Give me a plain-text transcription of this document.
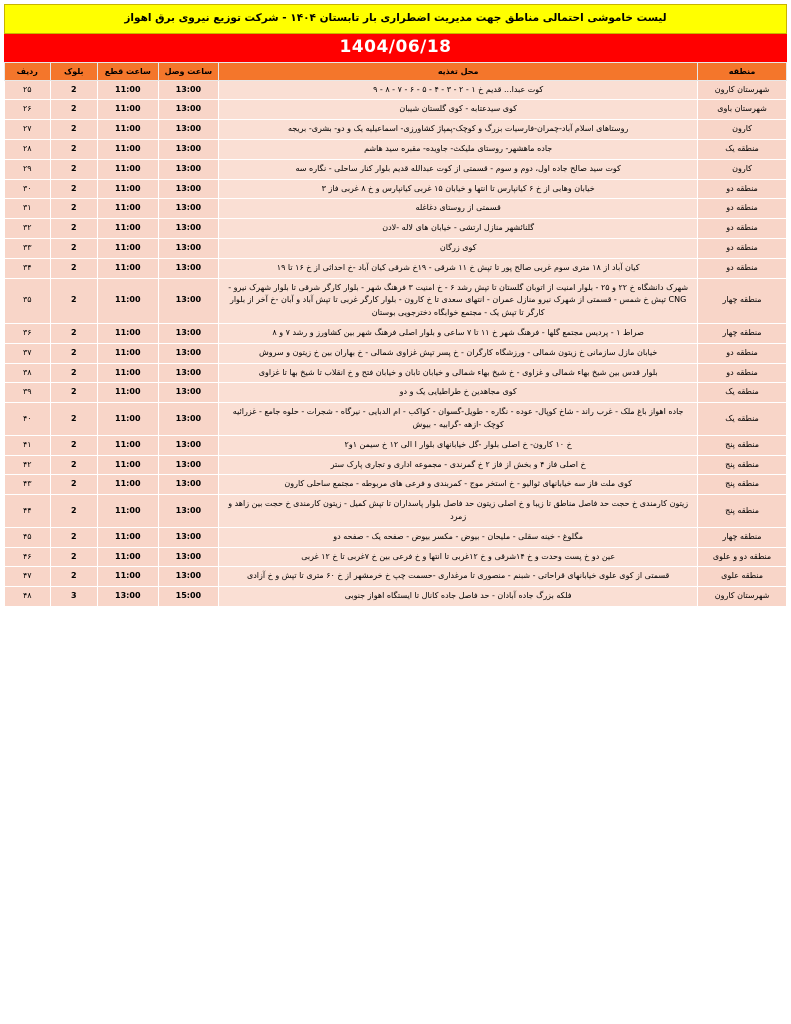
لیست خاموشی احتمالی مناطق جهت مدیریت اضطراری بار تابستان ۱۴۰۴ - شرکت توزیع نیروی برق اهواز
1404/06/18
منطقه	محل تغذیه	ساعت وصل	ساعت قطع	بلوک	ردیف
شهرستان کارون	کوت عبدا... قدیم خ ۱ - ۲ - ۳ - ۴ - ۵ - ۶ - ۷ - ۸ - ۹	13:00	11:00	2	۲۵
شهرستان باوی	کوی سیدعتابه - کوی گلستان شیبان	13:00	11:00	2	۲۶
کارون	روستاهای اسلام آباد-چمران-فارسیات بزرگ و کوچک-پمپاژ کشاورزی- اسماعیلیه یک و دو- بشری- بریجه	13:00	11:00	2	۲۷
منطقه یک	جاده ماهشهر- روستای ملیکث- جاویده- مقبره سید هاشم	13:00	11:00	2	۲۸
کارون	کوت سید صالح جاده اول، دوم و سوم - قسمتی از کوت عبدالله قدیم بلوار کنار ساحلی - نگاره سه	13:00	11:00	2	۲۹
منطقه دو	خیابان وهابی از خ ۶ کیانپارس تا انتها و خیابان ۱۵ غربی کیانپارس و خ ۸ غربی فاز ۳	13:00	11:00	2	۳۰
منطقه دو	قسمتی از روستای دغاغله	13:00	11:00	2	۳۱
منطقه دو	گلنائشهر منازل ارتشی - خیابان های لاله -لادن	13:00	11:00	2	۳۲
منطقه دو	کوی زرگان	13:00	11:00	2	۳۳
منطقه دو	کیان آباد از ۱۸ متری سوم غربی صالح پور تا تپش خ ۱۱ شرقی - ۱۹خ شرقی کیان آباد -خ احداثی از خ ۱۶ تا ۱۹	13:00	11:00	2	۳۴
منطقه چهار	شهرک دانشگاه خ ۲۲ و ۲۵ - بلوار امنیت از اتوبان گلستان تا تپش رشد ۶ - خ امنیت ۳ فرهنگ شهر - بلوار کارگر شرقی تا بلوار شهرک نیرو - CNG تپش خ شمس - قسمتی از شهرک نیرو منازل عمران - انتهای سعدی تا خ کارون - بلوار کارگر غربی تا تپش آباد و آبان -خ آخر از بلوار کارگر تا تپش یک - مجتمع خوابگاه دخترجویی بوستان	13:00	11:00	2	۳۵
منطقه چهار	صراط ۱ - پردیس مجتمع گلها - فرهنگ شهر خ ۱۱ تا ۷ ساعی و بلوار اصلی فرهنگ شهر بین کشاورز و رشد ۷ و ۸	13:00	11:00	2	۳۶
منطقه دو	خیابان مازل سازمانی خ زیتون شمالی - ورزشگاه کارگران - خ پسر تپش غزاوی شمالی - خ بهاران بین خ زیتون و سروش	13:00	11:00	2	۳۷
منطقه دو	بلوار قدس بین شیخ بهاء شمالی و غزاوی - خ شیخ بهاء شمالی و خیابان تابان و خیابان فتح و خ انقلاب تا شیخ بها تا غزاوی	13:00	11:00	2	۳۸
منطقه یک	کوی مجاهدین خ طراطیایی یک و دو	13:00	11:00	2	۳۹
منطقه یک	جاده اهواز باغ ملک - غرب راند - شاخ کوپال- عوده - نگاره - طویل-گسوان - کواکب - ام الدبایی - نیرگاه - شجرات - حلوه جامع - غزرائیه کوچک -ازهه -گرابیه - بیوش	13:00	11:00	2	۴۰
منطقه پنج	خ ۱۰ کارون- خ اصلی بلوار -گل خیابانهای بلوار ا الی ۱۲ خ سیمن ۱و۲	13:00	11:00	2	۴۱
منطقه پنج	خ اصلی فاز ۴ و بخش از فاز ۲ خ گمرندی - مجموعه اداری و تجاری پارک ستر	13:00	11:00	2	۴۲
منطقه پنج	کوی ملت فاز سه خیابانهای ثوالیو - خ استخر موج - کمربندی و فرعی های مربوطه - مجتمع ساحلی کارون	13:00	11:00	2	۴۳
منطقه پنج	زیتون کارمندی خ حجت حد فاصل مناطق تا زیبا و خ اصلی زیتون حد فاصل بلوار پاسداران تا تپش کمیل - زیتون کارمندی خ حجت بین زاهد و زمرد	13:00	11:00	2	۴۴
منطقه چهار	مگلوغ - خینه سقلی - ملیحان - بیوض - مکسر بیوض - صفحه یک - صفحه دو	13:00	11:00	2	۴۵
منطقه دو و علوی	عین دو خ پست وحدت و خ ۱۴شرقی و خ ۱۲غربی تا انتها و خ فرعی بین خ ۷غربی تا خ ۱۲ غربی	13:00	11:00	2	۴۶
منطقه علوی	قسمتی از کوی علوی خیابانهای قراحاتی - شبنم - منصوری تا مرغداری -حسمت چپ خ خرمشهر از خ ۶۰ متری تا تپش و خ آزادی	13:00	11:00	2	۴۷
شهرستان کارون	فلکه بزرگ جاده آبادان - حد فاصل جاده کانال تا ایستگاه اهواز جنوبی	15:00	13:00	3	۴۸
